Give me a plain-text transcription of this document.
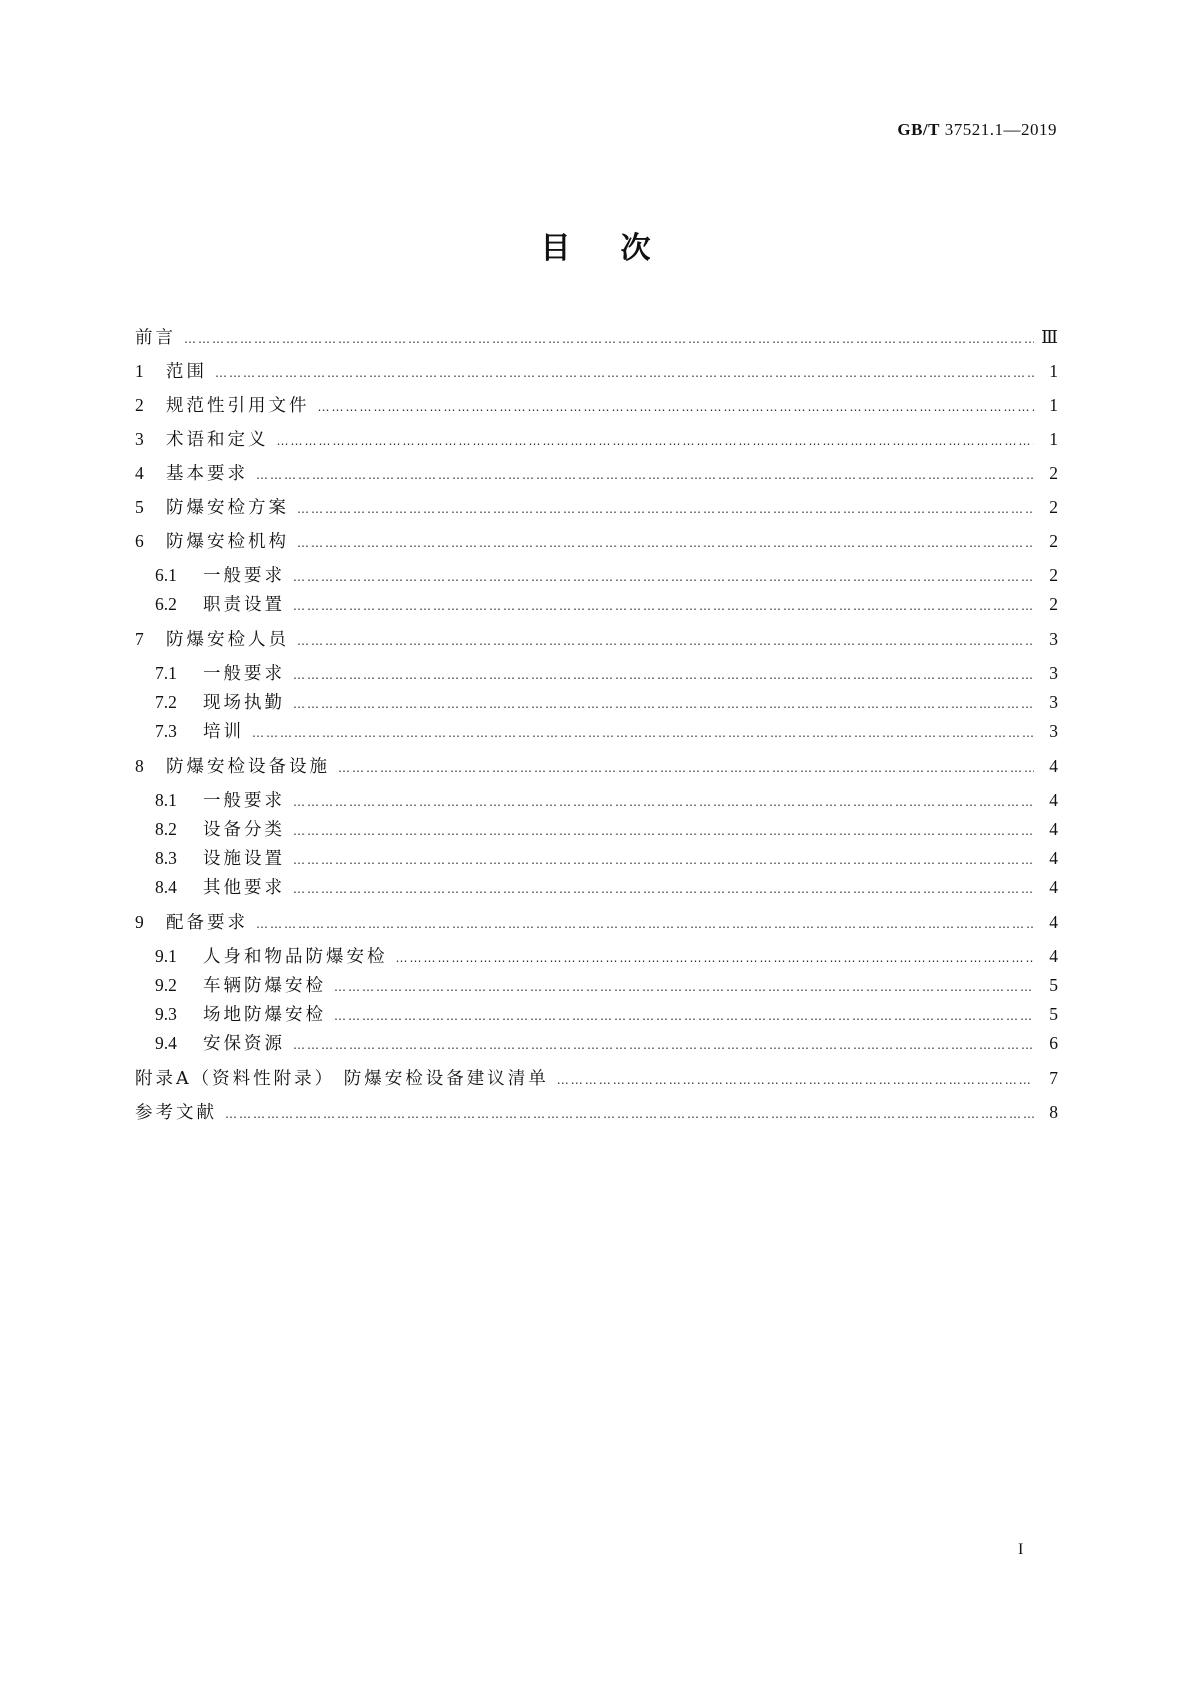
GB/T 37521.1—2019
目次
前言 ……………………………………………………………………………………………………………………………………………………………………………………………………………………………………………………………………	Ⅲ
1	范围 ……………………………………………………………………………………………………………………………………………………………………………………………………………………………………………………………………	1
2	规范性引用文件 ……………………………………………………………………………………………………………………………………………………………………………………………………………………………………………………………………	1
3	术语和定义 ……………………………………………………………………………………………………………………………………………………………………………………………………………………………………………………………………	1
4	基本要求 ……………………………………………………………………………………………………………………………………………………………………………………………………………………………………………………………………	2
5	防爆安检方案 ……………………………………………………………………………………………………………………………………………………………………………………………………………………………………………………………………	2
6	防爆安检机构 ……………………………………………………………………………………………………………………………………………………………………………………………………………………………………………………………………	2
6.1	一般要求 ……………………………………………………………………………………………………………………………………………………………………………………………………………………………………………………………………	2
6.2	职责设置 ……………………………………………………………………………………………………………………………………………………………………………………………………………………………………………………………………	2
7	防爆安检人员 ……………………………………………………………………………………………………………………………………………………………………………………………………………………………………………………………………	3
7.1	一般要求 ……………………………………………………………………………………………………………………………………………………………………………………………………………………………………………………………………	3
7.2	现场执勤 ……………………………………………………………………………………………………………………………………………………………………………………………………………………………………………………………………	3
7.3	培训 ……………………………………………………………………………………………………………………………………………………………………………………………………………………………………………………………………	3
8	防爆安检设备设施 ……………………………………………………………………………………………………………………………………………………………………………………………………………………………………………………………………	4
8.1	一般要求 ……………………………………………………………………………………………………………………………………………………………………………………………………………………………………………………………………	4
8.2	设备分类 ……………………………………………………………………………………………………………………………………………………………………………………………………………………………………………………………………	4
8.3	设施设置 ……………………………………………………………………………………………………………………………………………………………………………………………………………………………………………………………………	4
8.4	其他要求 ……………………………………………………………………………………………………………………………………………………………………………………………………………………………………………………………………	4
9	配备要求 ……………………………………………………………………………………………………………………………………………………………………………………………………………………………………………………………………	4
9.1	人身和物品防爆安检 ……………………………………………………………………………………………………………………………………………………………………………………………………………………………………………………………………	4
9.2	车辆防爆安检 ……………………………………………………………………………………………………………………………………………………………………………………………………………………………………………………………………	5
9.3	场地防爆安检 ……………………………………………………………………………………………………………………………………………………………………………………………………………………………………………………………………	5
9.4	安保资源 ……………………………………………………………………………………………………………………………………………………………………………………………………………………………………………………………………	6
附录A（资料性附录） 防爆安检设备建议清单 ……………………………………………………………………………………………………………………………………………………………………………………………………………………………………………………………………	7
参考文献 ……………………………………………………………………………………………………………………………………………………………………………………………………………………………………………………………………	8
I
